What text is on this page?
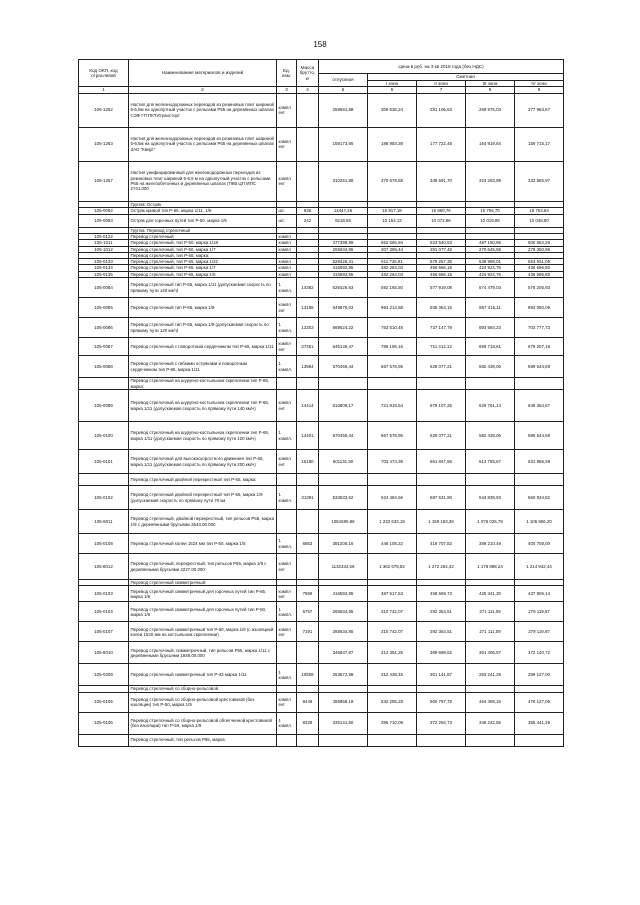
158
Код ОКП, код отраслевой	Наименование материалов и изделий	Ед. изм.	Масса брутто, кг	Цена в руб. на 3 кв 2018 года (без НДС)				
				отпускная	Сметная			
					I зона	II зона	III зона	IV зона
1	2	3	4	5	6	7	8	9
105-1262	Настил для железнодорожных переездов из резиновых плит шириной 5-6,5м на однопутный участок с рельсами Р65 на деревянных шпалах СЭФ ГП ПКТИтрансторт	компл ект		258691,88	309 636,24	291 106,53	269 975,03	277 963,57
105-1263	Настил для железнодорожных переездов из резиновых плит шириной 5-6,5м на однопутный участок с рельсами Р65 на деревянных шпалах ЗАО "Квирт"	компл ект		158173,66	188 983,38	177 722,48	164 919,84	159 715,17
105-1257	Настил унифицированный для железнодорожных переездов из резиновых плит шириной 5-6,5 м на однопутный участок с рельсами Р65 на железобетонных и деревянных шпалах (ПКБ ЦП МПС 2741.000	компл ект		310251,88	370 679,68	348 591,70	323 263,99	332 865,97
	Группа: Остряк							
105-0092	Остряк кривой тип Р-65, марка 1/11, 1/9	шт.	836	14447,46	15 917,18	15 860,76	15 706,70	15 763,84
105-0093	Остряк для горочных путей тип Р-50, марка 1/6	шт.	242	9218,55	10 154,13	10 072,86	10 019,89	10 048,80
	Группа: Перевод стрелочный							
105-0122	Перевод стрелочный	компл						
105-1011	Перевод стрелочный, тип Р-50, марка 1/18	компл		477398,99	562 666,94	523 540,53	487 150,96	500 652,26
105-1012	Перевод стрелочный, тип Р-50, марка 1/7	компл		265634,85	307 365,44	291 077,45	270 645,58	278 350,96
	Перевод стрелочный, тип Р-65, марка:							
105-0133	Перевод стрелочный, тип Р-65, марка 1/22	компл		528426,41	611 726,91	579 257,35	538 999,01	553 931,05
105-0134	Перевод стрелочный, тип Р-65, марка 1/7	компл		416592,85	482 264,03	456 666,18	424 924,76	436 696,80
105-0135	Перевод стрелочный, тип Р-65, марка 1/5	компл		416592,85	482 264,03	456 666,18	424 924,76	436 696,80
105-0084	Перевод стрелочный тип Р-65, марка 1/11 (допускаемая скорость по прямому пути 140 км/ч)	1 компл.	14382	526426,63	592 165,50	577 919,08	574 479,03	576 205,93
105-0085	Перевод стрелочный тип Р-65, марка 1/9	компл ект	13188	649875,03	994 214,68	935 364,15	867 416,11	893 060,09
105-0086	Перевод стрелочный тип Р-65, марка 1/9 (допускаемая скорость по прямому пути 120 км/ч)	1 компл.	13303	669524,22	763 510,48	737 147,79	693 584,23	703 777,73
105-0087	Перевод стрелочный с поворотным сердечником тип Р-65, марка 1/11	компл ект	27351	646149,47	786 196,16	711 412,12	659 718,61	679 207,18
105-0088	Перевод стрелочный с гибкими остряками и поворотным сердечником тип Р-65, марка 1/11	1 компл.	13984	570459,44	667 578,95	628 077,21	582 439,06	599 644,69
	Перевод стрелочный на шурупно-костыльном скреплении тип Р-65, марка:							
105-0089	Перевод стрелочный на шурупно-костыльном скреплении тип Р-65, марка 1/11 (допускаемая скорость по прямому пути 140 км/ч)	компл ект	14414	616809,17	721 819,54	679 107,26	629 761,14	648 364,67
105-0100	Перевод стрелочный на шурупно-костыльном скреплении тип Р-65, марка 1/11 (допускаемая скорость по прямому пути 120 км/ч)	1 компл.	14401	570459,44	667 578,95	628 077,21	582 439,06	599 644,69
105-0101	Перевод стрелочный для высокоскоростного движения тип Р-65, марка 1/11 (допускаемая скорость по прямому пути 200 км/ч)	компл ект	16180	601131,90	703 474,39	661 847,66	613 755,67	631 886,38
	Перевод стрелочный двойной перекрестный тип Р-65, марка:							
105-0102	Перевод стрелочный двойной перекрестный тип Р-65, марка 1/9 (допускаемая скорость по прямому пути 70 км	1 компл.	31391	533633,62	624 484,56	587 531,90	544 839,93	560 934,82
105-8011	Перевод стрелочный, двойной перекрестный, тип рельсов Р65, марка 1/9 с деревянными брусьями 2643.00.000			1051690,86	1 232 633,19	1 159 183,36	1 075 026,79	1 106 956,20
105-0108	Перевод стрелочный колеи 1524 мм тип Р-50, марка 1/5	1 компл.	6853	381205,16	446 105,22	419 707,82	389 210,49	400 708,00
105-8012	Перевод стрелочный, перекрестный, тип рельсов Р65, марка 1/9 с деревянными брусьями 2227.00.000	компл ект		1132334,56	1 362 679,82	1 272 264,42	1 178 898,24	1 214 942,44
	Перевод стрелочный симметричный:							
105-0103	Перевод стрелочный симметричный для горочных путей тип Р-65, марка 1/6	компл ект	7959	416592,85	487 517,63	458 669,73	425 341,30	437 906,14
105-0104	Перевод стрелочный симметричный для горочных путей тип Р-50, марка 1/6	1 компл.	6757	265634,85	310 742,07	292 354,51	271 111,09	279 119,87
105-0107	Перевод стрелочный симметричный тип Р-50, марка 1/6 (с изоляцией колеи 1520 мм на костыльном скреплении)	компл ект	7191	265634,85	310 742,07	292 354,51	271 111,09	279 119,87
105-8010	Перевод стрелочный, симметричный, тип рельсов Р65, марка 1/11 с деревянными брусьями 1848.00.000			346837,87	414 391,26	389 698,62	361 406,57	372 140,72
105-0208	Перевод стрелочный симметричный тип Р-43 марка 1/11	1 компл.	10559	263672,98	312 438,45	301 141,87	293 241,29	299 127,00
	Перевод стрелочный со сборно-рельсовой							
105-0105	Перевод стрелочный со сборно-рельсовой крестовиной (без изоляции) тип Р-50, марка 1/9	компл ект	9449	456858,18	532 295,28	500 797,75	464 408,16	478 127,06
105-0106	Перевод стрелочный со сборно-рельсовой облегченной крестовиной (без изоляции) тип Р-50, марка 1/9	1 компл.	9328	335141,60	395 710,09	372 294,73	345 242,56	355 441,25
	Перевод стрелочный, тип рельсов Р65, марка:							
